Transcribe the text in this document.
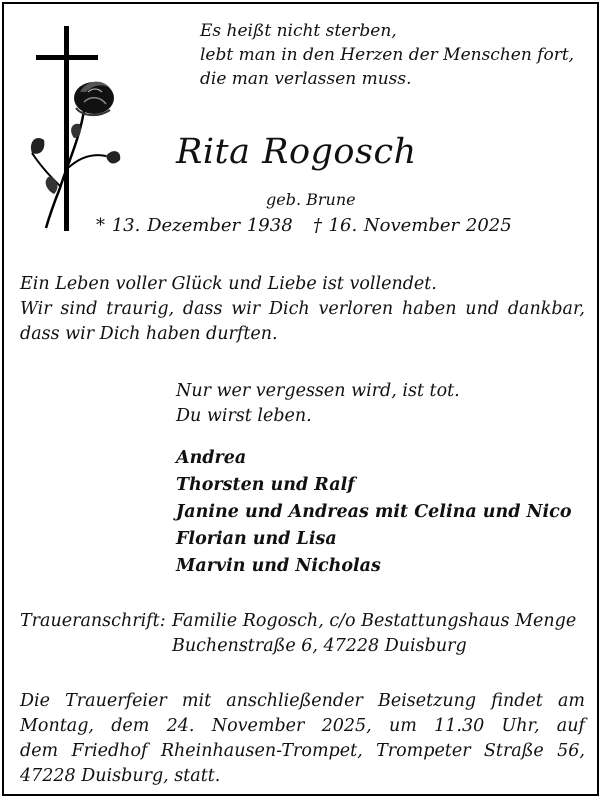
Es heißt nicht sterben,
lebt man in den Herzen der Menschen fort,
die man verlassen muss.
Rita Rogosch
geb. Brune
* 13. Dezember 1938   † 16. November 2025
Ein Leben voller Glück und Liebe ist vollendet.
Wir sind traurig, dass wir Dich verloren haben und dankbar,
dass wir Dich haben durften.
Nur wer vergessen wird, ist tot.
Du wirst leben.
Andrea
Thorsten und Ralf
Janine und Andreas mit Celina und Nico
Florian und Lisa
Marvin und Nicholas
Traueranschrift: Familie Rogosch, c/o Bestattungshaus Menge
Buchenstraße 6, 47228 Duisburg
Die Trauerfeier mit anschließender Beisetzung findet am
Montag, dem 24. November 2025, um 11.30 Uhr, auf
dem Friedhof Rheinhausen-Trompet, Trompeter Straße 56,
47228 Duisburg, statt.
